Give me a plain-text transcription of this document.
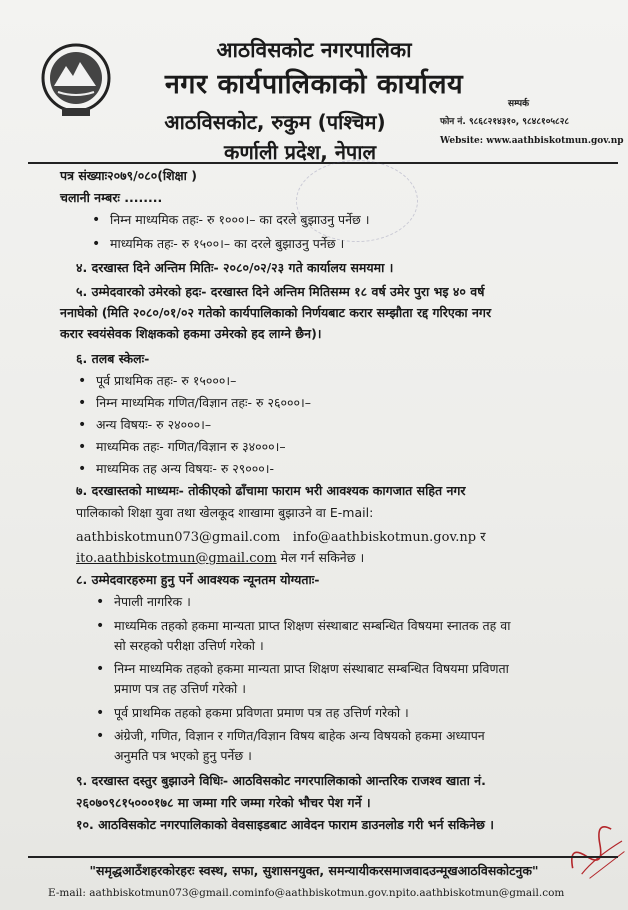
आठविसकोट नगरपालिका
नगर कार्यपालिकाको कार्यालय
आठविसकोट, रुकुम (पश्चिम)
कर्णाली प्रदेश, नेपाल
सम्पर्क
फोन नं. ९८६८२१४३१०, ९८४८१०५८२८
Website: www.aathbiskotmun.gov.np
पत्र संख्याः२०७९/०८०(शिक्षा )
चलानी नम्बरः ........
• निम्न माध्यमिक तहः- रु १०००।– का दरले बुझाउनु पर्नेछ ।
• माध्यमिक तहः- रु १५००।– का दरले बुझाउनु पर्नेछ ।
४. दरखास्त दिने अन्तिम मितिः- २०८०/०२/२३ गते कार्यालय समयमा ।
५. उम्मेदवारको उमेरको हदः- दरखास्त दिने अन्तिम मितिसम्म १८ वर्ष उमेर पुरा भइ ४० वर्ष
ननाघेको (मिति २०८०/०१/०२ गतेको कार्यपालिकाको निर्णयबाट करार सम्झौता रद्द गरिएका नगर
करार स्वयंसेवक शिक्षकको हकमा उमेरको हद लाग्ने छैन)।
६. तलब स्केलः-
• पूर्व प्राथमिक तहः- रु १५०००।–
• निम्न माध्यमिक गणित/विज्ञान तहः- रु २६०००।–
• अन्य विषयः- रु २४०००।–
• माध्यमिक तहः- गणित/विज्ञान रु ३४०००।–
• माध्यमिक तह अन्य विषयः- रु २९०००।-
७. दरखास्तको माध्यमः- तोकीएको ढाँचामा फाराम भरी आवश्यक कागजात सहित नगर
पालिकाको शिक्षा युवा तथा खेलकूद शाखामा बुझाउने वा E-mail:
aathbiskotmun073@gmail.com info@aathbiskotmun.gov.np र
ito.aathbiskotmun@gmail.com मेल गर्न सकिनेछ ।
८. उम्मेदवारहरुमा हुनु पर्ने आवश्यक न्यूनतम योग्यताः-
• नेपाली नागरिक ।
• माध्यमिक तहको हकमा मान्यता प्राप्त शिक्षण संस्थाबाट सम्बन्धित विषयमा स्नातक तह वा
सो सरहको परीक्षा उत्तिर्ण गरेको ।
• निम्न माध्यमिक तहको हकमा मान्यता प्राप्त शिक्षण संस्थाबाट सम्बन्धित विषयमा प्रविणता
प्रमाण पत्र तह उत्तिर्ण गरेको ।
• पूर्व प्राथमिक तहको हकमा प्रविणता प्रमाण पत्र तह उत्तिर्ण गरेको ।
• अंग्रेजी, गणित, विज्ञान र गणित/विज्ञान विषय बाहेक अन्य विषयको हकमा अध्यापन
अनुमति पत्र भएको हुनु पर्नेछ ।
९. दरखास्त दस्तुर बुझाउने विधिः- आठविसकोट नगरपालिकाको आन्तरिक राजश्व खाता नं.
२६०७०९८१५०००१७८ मा जम्मा गरि जम्मा गरेको भौचर पेश गर्ने ।
१०. आठविसकोट नगरपालिकाको वेवसाइडबाट आवेदन फाराम डाउनलोड गरी भर्न सकिनेछ ।
"समृद्धआठँशहरकोरहरः स्वस्थ, सफा, सुशासनयुक्त, समन्यायीकरसमाजवादउन्मूखआठविसकोटनुक"
E-mail: aathbiskotmun073@gmail.cominfo@aathbiskotmun.gov.npito.aathbiskotmun@gmail.com
